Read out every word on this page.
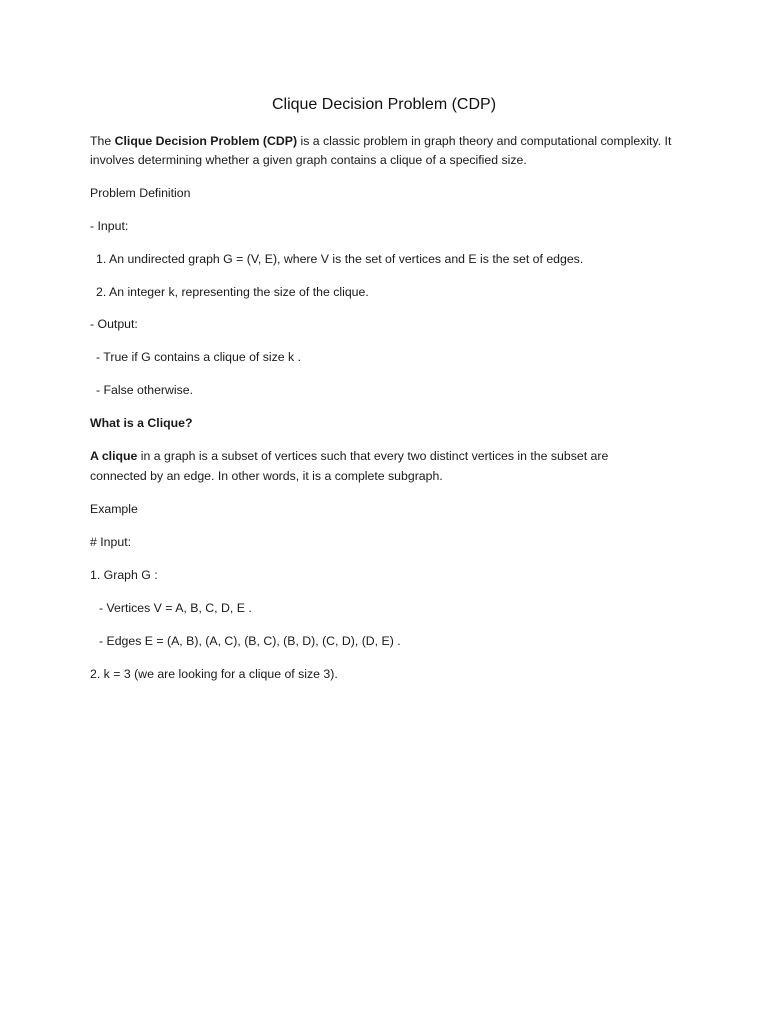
Clique Decision Problem (CDP)

The Clique Decision Problem (CDP) is a classic problem in graph theory and computational complexity. It

involves determining whether a given graph contains a clique of a specified size.

Problem Definition

- Input:

1. An undirected graph G = (V, E), where V is the set of vertices and E is the set of edges.

2. An integer k, representing the size of the clique.

- Output:

- True if G contains a clique of size k .

- False otherwise.

What is a Clique?

A clique in a graph is a subset of vertices such that every two distinct vertices in the subset are

connected by an edge. In other words, it is a complete subgraph.

Example

# Input:

1. Graph G :

- Vertices V = A, B, C, D, E .

- Edges E = (A, B), (A, C), (B, C), (B, D), (C, D), (D, E) .

2. k = 3 (we are looking for a clique of size 3).
